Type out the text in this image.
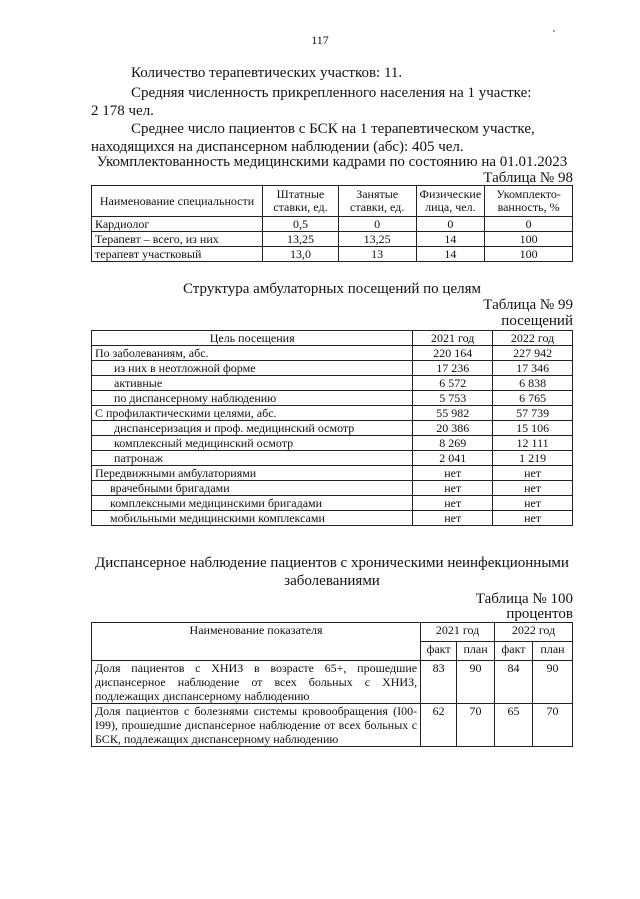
117
Количество терапевтических участков: 11.
Средняя численность прикрепленного населения на 1 участке:
2 178 чел.
Среднее число пациентов с БСК на 1 терапевтическом участке,
находящихся на диспансерном наблюдении (абс): 405 чел.
Укомплектованность медицинскими кадрами по состоянию на 01.01.2023
Таблица № 98
Наименование специальности	Штатные ставки, ед.	Занятые ставки, ед.	Физические лица, чел.	Укомплекто-ванность, %
Кардиолог	0,5	0	0	0
Терапевт – всего, из них	13,25	13,25	14	100
терапевт участковый	13,0	13	14	100
Структура амбулаторных посещений по целям
Таблица № 99
посещений
Цель посещения	2021 год	2022 год
По заболеваниям, абс.	220 164	227 942
из них в неотложной форме	17 236	17 346
активные	6 572	6 838
по диспансерному наблюдению	5 753	6 765
С профилактическими целями, абс.	55 982	57 739
диспансеризация и проф. медицинский осмотр	20 386	15 106
комплексный медицинский осмотр	8 269	12 111
патронаж	2 041	1 219
Передвижными амбулаториями	нет	нет
врачебными бригадами	нет	нет
комплексными медицинскими бригадами	нет	нет
мобильными медицинскими комплексами	нет	нет
Диспансерное наблюдение пациентов с хроническими неинфекционными
заболеваниями
Таблица № 100
процентов
Наименование показателя	2021 год		2022 год	
	факт	план	факт	план
Доля пациентов с ХНИЗ в возрасте 65+, прошедшие диспансерное наблюдение от всех больных с ХНИЗ, подлежащих диспансерному наблюдению	83	90	84	90
Доля пациентов с болезнями системы кровообращения (I00-I99), прошедшие диспансерное наблюдение от всех больных с БСК, подлежащих диспансерному наблюдению	62	70	65	70
